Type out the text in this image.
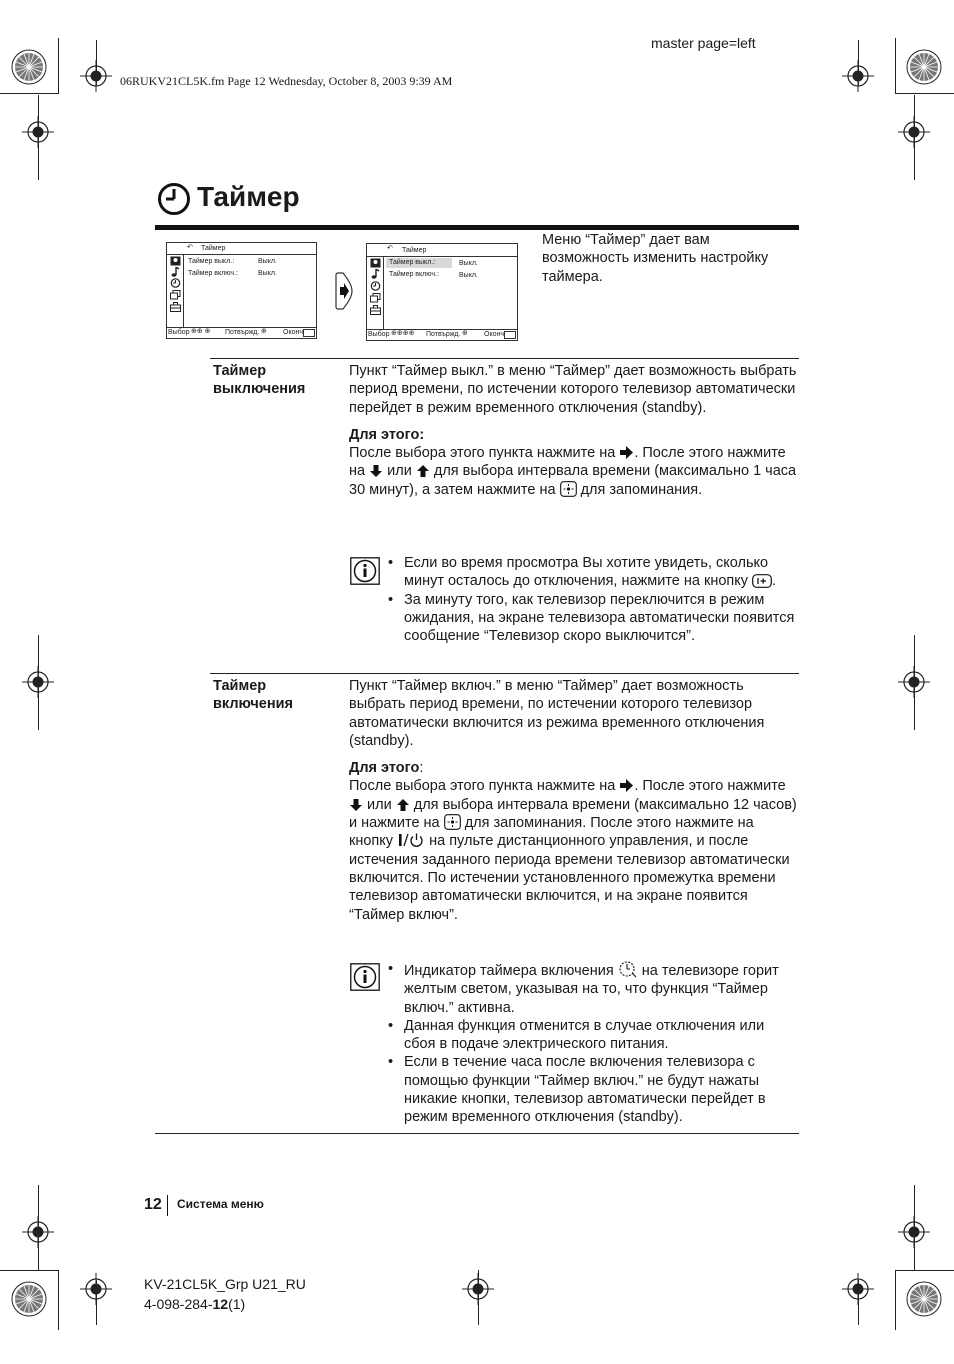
master page=left
06RUKV21CL5K.fm Page 12 Wednesday, October 8, 2003 9:39 AM
Таймер
↶ Таймер
Таймер выкл.:	Выкл.
Таймер включ.:	Выкл.
Выбор ⊕⊕ ⊕ Потвържд. ⊕ Оконч
↶ Таймер
Таймер выкл.:	Выкл.
Таймер включ.:	Выкл.
Выбор ⊕⊕⊕⊕ Потвържд. ⊕ Оконч
Меню “Таймер” дает вам возможность изменить настройку таймера.
Таймер
выключения
Пункт “Таймер выкл.” в меню “Таймер” дает возможность выбрать период времени, по истечении которого телевизор автоматически перейдет в режим временного отключения (standby).
Для этого:
После выбора этого пункта нажмите на . После этого нажмите на или для выбора интервала времени (максимально 1 часа 30 минут), а затем нажмите на для запоминания.
• Если во время просмотра Вы хотите увидеть, сколько минут осталось до отключения, нажмите на кнопку .
• За минуту того, как телевизор переключится в режим ожидания, на экране телевизора автоматически появится сообщение “Телевизор скоро выключится”.
Таймер
включения
Пункт “Таймер включ.” в меню “Таймер” дает возможность выбрать период времени, по истечении которого телевизор автоматически включится из режима временного отключения (standby).
Для этого:
После выбора этого пункта нажмите на . После этого нажмите  или для выбора интервала времени (максимально 12 часов) и нажмите на для запоминания. После этого нажмите на кнопку на пульте дистанционного управления, и после истечения заданного периода времени телевизор автоматически включится. По истечении установленного промежутка времени телевизор автоматически включится, и на экране появится “Таймер включ”.
• Индикатор таймера включения на телевизоре горит желтым светом, указывая на то, что функция “Таймер включ.” активна.
• Данная функция отменится в случае отключения или сбоя в подаче электрического питания.
• Если в течение часа после включения телевизора с помощью функции “Таймер включ.” не будут нажаты никакие кнопки, телевизор автоматически перейдет в режим временного отключения (standby).
12 Система меню
KV-21CL5K_Grp U21_RU
4-098-284-12(1)
